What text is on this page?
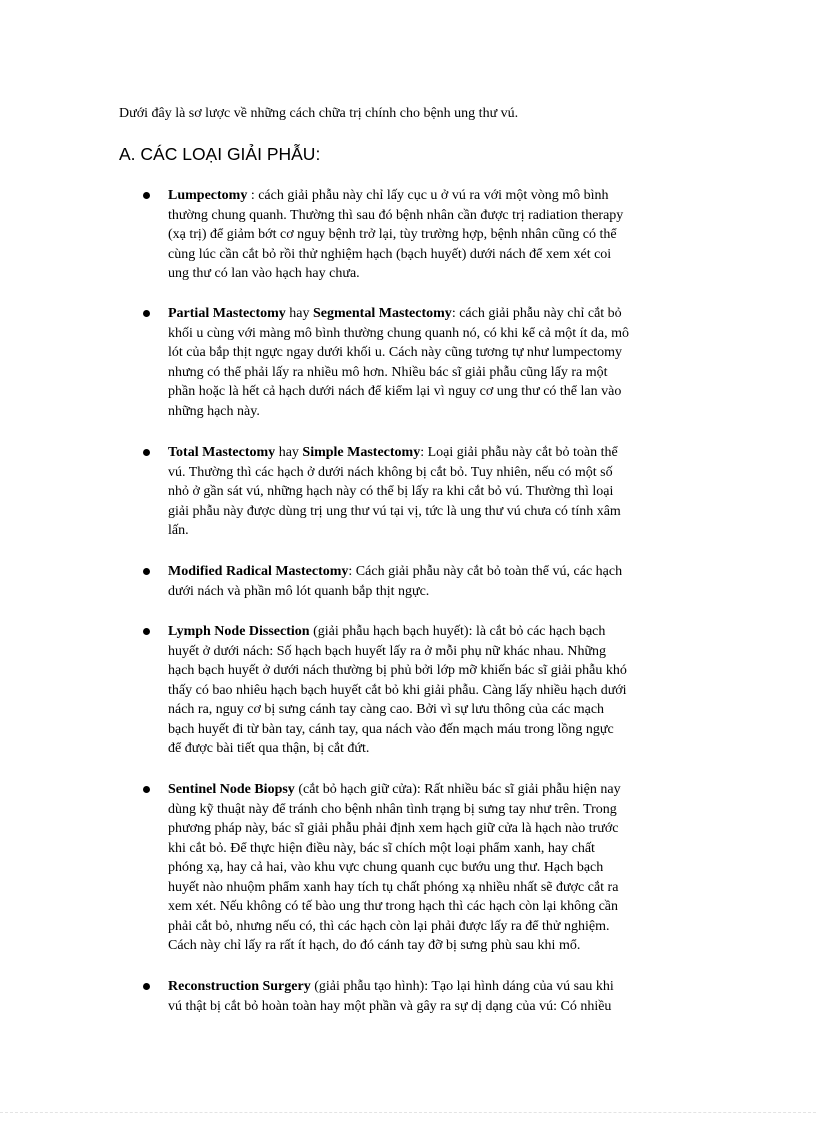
Dưới đây là sơ lược về những cách chữa trị chính cho bệnh ung thư vú.
A. CÁC LOẠI GIẢI PHẪU:
Lumpectomy : cách giải phẫu này chỉ lấy cục u ở vú ra với một vòng mô bình
thường chung quanh. Thường thì sau đó bệnh nhân cần được trị radiation therapy
(xạ trị) để giảm bớt cơ nguy bệnh trở lại, tùy trường hợp, bệnh nhân cũng có thể
cùng lúc cần cắt bỏ rồi thử nghiệm hạch (bạch huyết) dưới nách để xem xét coi
ung thư có lan vào hạch hay chưa.
Partial Mastectomy hay Segmental Mastectomy: cách giải phẫu này chỉ cắt bỏ
khối u cùng với màng mô bình thường chung quanh nó, có khi kể cả một ít da, mô
lót của bắp thịt ngực ngay dưới khối u. Cách này cũng tương tự như lumpectomy
nhưng có thể phải lấy ra nhiều mô hơn. Nhiều bác sĩ giải phẫu cũng lấy ra một
phần hoặc là hết cả hạch dưới nách để kiểm lại vì nguy cơ ung thư có thể lan vào
những hạch này.
Total Mastectomy hay Simple Mastectomy: Loại giải phẫu này cắt bỏ toàn thể
vú. Thường thì các hạch ở dưới nách không bị cắt bỏ. Tuy nhiên, nếu có một số
nhỏ ở gần sát vú, những hạch này có thể bị lấy ra khi cắt bỏ vú. Thường thì loại
giải phẫu này được dùng trị ung thư vú tại vị, tức là ung thư vú chưa có tính xâm
lấn.
Modified Radical Mastectomy: Cách giải phẫu này cắt bỏ toàn thể vú, các hạch
dưới nách và phần mô lót quanh bắp thịt ngực.
Lymph Node Dissection (giải phẫu hạch bạch huyết): là cắt bỏ các hạch bạch
huyết ở dưới nách: Số hạch bạch huyết lấy ra ở mỗi phụ nữ khác nhau. Những
hạch bạch huyết ở dưới nách thường bị phủ bởi lớp mỡ khiến bác sĩ giải phẫu khó
thấy có bao nhiêu hạch bạch huyết cắt bỏ khi giải phẫu. Càng lấy nhiều hạch dưới
nách ra, nguy cơ bị sưng cánh tay càng cao. Bởi vì sự lưu thông của các mạch
bạch huyết đi từ bàn tay, cánh tay, qua nách vào đến mạch máu trong lồng ngực
để được bài tiết qua thận, bị cắt đứt.
Sentinel Node Biopsy (cắt bỏ hạch giữ cửa): Rất nhiều bác sĩ giải phẫu hiện nay
dùng kỹ thuật này để tránh cho bệnh nhân tình trạng bị sưng tay như trên. Trong
phương pháp này, bác sĩ giải phẫu phải định xem hạch giữ cửa là hạch nào trước
khi cắt bỏ. Để thực hiện điều này, bác sĩ chích một loại phẩm xanh, hay chất
phóng xạ, hay cả hai, vào khu vực chung quanh cục bướu ung thư. Hạch bạch
huyết nào nhuộm phẩm xanh hay tích tụ chất phóng xạ nhiều nhất sẽ được cắt ra
xem xét. Nếu không có tế bào ung thư trong hạch thì các hạch còn lại không cần
phải cắt bỏ, nhưng nếu có, thì các hạch còn lại phải được lấy ra để thử nghiệm.
Cách này chỉ lấy ra rất ít hạch, do đó cánh tay đỡ bị sưng phù sau khi mổ.
Reconstruction Surgery (giải phẫu tạo hình): Tạo lại hình dáng của vú sau khi
vú thật bị cắt bỏ hoàn toàn hay một phần và gây ra sự dị dạng của vú: Có nhiều
